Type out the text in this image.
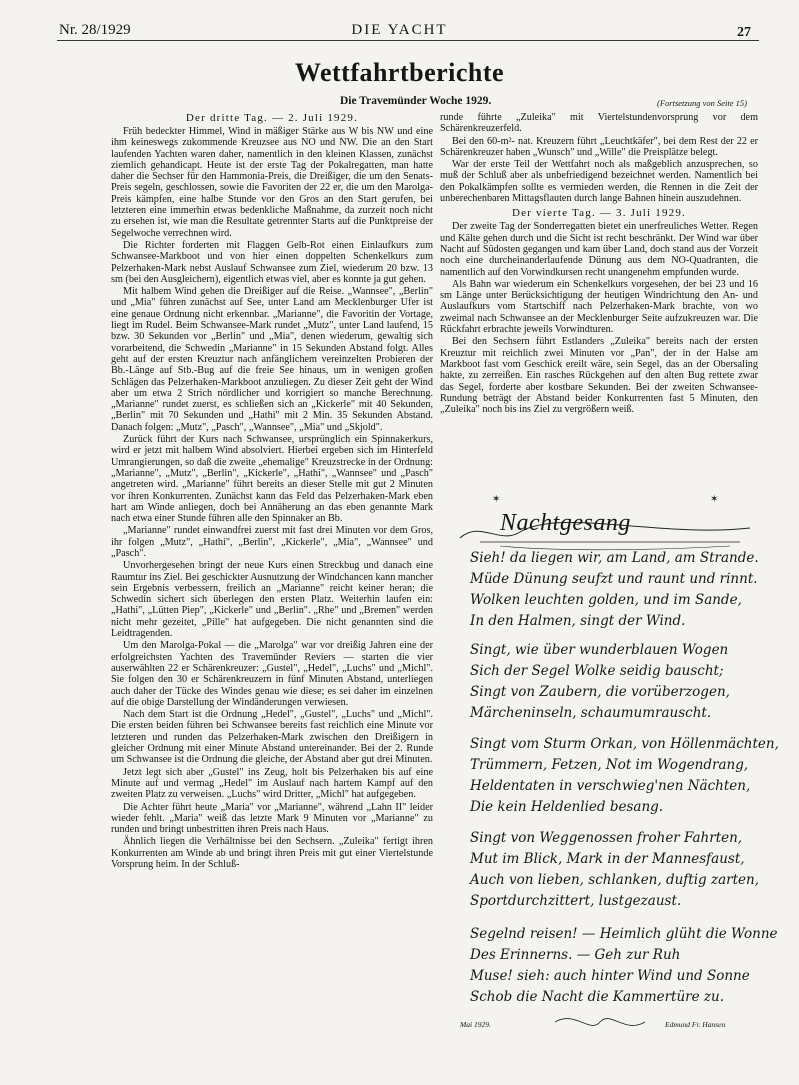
Nr. 28/1929	DIE YACHT	27
Wettfahrtberichte
Die Travemünder Woche 1929.	(Fortsetzung von Seite 15)
Der dritte Tag. — 2. Juli 1929.

Früh bedeckter Himmel, Wind in mäßiger Stärke aus W bis NW und eine ihm keineswegs zukommende Kreuzsee aus NO und NW. Die an den Start laufenden Yachten waren daher, namentlich in den kleinen Klassen, zunächst ziemlich gehandicapt. Heute ist der erste Tag der Pokalregatten, man hatte daher die Sechser für den Hammonia-Preis, die Dreißiger, die um den Senats-Preis segeln, geschlossen, sowie die Favoriten der 22 er, die um den Marolga-Preis kämpfen, eine halbe Stunde vor den Gros an den Start gerufen, bei letzteren eine immerhin etwas bedenkliche Maßnahme, da zurzeit noch nicht zu ersehen ist, wie man die Resultate getrennter Starts auf die Punktpreise der Segelwoche verrechnen wird.

Die Richter forderten mit Flaggen Gelb-Rot einen Einlaufkurs zum Schwansee-Markboot und von hier einen doppelten Schenkelkurs zum Pelzerhaken-Mark nebst Auslauf Schwansee zum Ziel, wiederum 20 bzw. 13 sm (bei den Ausgleichern), eigentlich etwas viel, aber es konnte ja gut gehen.

Mit halbem Wind gehen die Dreißiger auf die Reise. „Wannsee", „Berlin" und „Mia" führen zunächst auf See, unter Land am Mecklenburger Ufer ist eine genaue Ordnung nicht erkennbar. „Marianne", die Favoritin der Vortage, liegt im Rudel. Beim Schwansee-Mark rundet „Mutz", unter Land laufend, 15 bzw. 30 Sekunden vor „Berlin" und „Mia", denen wiederum, gewaltig sich vorarbeitend, die Schwedin „Marianne" in 15 Sekunden Abstand folgt. Alles geht auf der ersten Kreuztur nach anfänglichem vereinzelten Probieren der Bb.-Länge auf Stb.-Bug auf die freie See hinaus, um in wenigen großen Schlägen das Pelzerhaken-Markboot anzuliegen. Zu dieser Zeit geht der Wind aber um etwa 2 Strich nördlicher und korrigiert so manche Berechnung. „Marianne" rundet zuerst, es schließen sich an „Kickerle" mit 40 Sekunden, „Berlin" mit 70 Sekunden und „Hathi" mit 2 Min. 35 Sekunden Abstand. Danach folgen: „Mutz", „Pasch", „Wannsee", „Mia" und „Skjold".

Zurück führt der Kurs nach Schwansee, ursprünglich ein Spinnakerkurs, wird er jetzt mit halbem Wind absolviert. Hierbei ergeben sich im Hinterfeld Umrangierungen, so daß die zweite „ehemalige" Kreuzstrecke in der Ordnung: „Marianne", „Mutz", „Berlin", „Kickerle", „Hathi", „Wannsee" und „Pasch" angetreten wird. „Marianne" führt bereits an dieser Stelle mit gut 2 Minuten vor ihren Konkurrenten. Zunächst kann das Feld das Pelzerhaken-Mark eben hart am Winde anliegen, doch bei Annäherung an das eben genannte Mark nach etwa einer Stunde führen alle den Spinnaker an Bb.

„Marianne" rundet einwandfrei zuerst mit fast drei Minuten vor dem Gros, ihr folgen „Mutz", „Hathi", „Berlin", „Kickerle", „Mia", „Wannsee" und „Pasch".

Unvorhergesehen bringt der neue Kurs einen Streckbug und danach eine Raumtur ins Ziel. Bei geschickter Ausnutzung der Windchancen kann mancher sein Ergebnis verbessern, freilich an „Marianne" reicht keiner heran; die Schwedin sichert sich überlegen den ersten Platz. Weiterhin laufen ein: „Hathi", „Lütten Piep", „Kickerle" und „Berlin". „Rhe" und „Bremen" werden nicht mehr gezeitet, „Pille" hat aufgegeben. Die nicht genannten sind die Leidtragenden.

Um den Marolga-Pokal — die „Marolga" war vor dreißig Jahren eine der erfolgreichsten Yachten des Travemünder Reviers — starten die vier auserwählten 22 er Schärenkreuzer: „Gustel", „Hedel", „Luchs" und „Michl". Sie folgen den 30 er Schärenkreuzern in fünf Minuten Abstand, unterliegen auch daher der Tücke des Windes genau wie diese; es sei daher im einzelnen auf die obige Darstellung der Windänderungen verwiesen.

Nach dem Start ist die Ordnung „Hedel", „Gustel", „Luchs" und „Michl". Die ersten beiden führen bei Schwansee bereits fast reichlich eine Minute vor letzteren und runden das Pelzerhaken-Mark zwischen den Dreißigern in gleicher Ordnung mit einer Minute Abstand untereinander. Bei der 2. Runde um Schwansee ist die Ordnung die gleiche, der Abstand aber gut drei Minuten.

Jetzt legt sich aber „Gustel" ins Zeug, holt bis Pelzerhaken bis auf eine Minute auf und vermag „Hedel" im Auslauf nach hartem Kampf auf den zweiten Platz zu verweisen. „Luchs" wird Dritter, „Michl" hat aufgegeben.

Die Achter führt heute „Maria" vor „Marianne", während „Lahn II" leider wieder fehlt. „Maria" weiß das letzte Mark 9 Minuten vor „Marianne" zu runden und bringt unbestritten ihren Preis nach Haus.

Ähnlich liegen die Verhältnisse bei den Sechsern. „Zuleika" fertigt ihren Konkurrenten am Winde ab und bringt ihren Preis mit gut einer Viertelstunde Vorsprung heim. In der Schluß-

runde führte „Zuleika" mit Viertelstundenvorsprung vor dem Schärenkreuzerfeld.

Bei den 60-m²- nat. Kreuzern führt „Leuchtkäfer", bei dem Rest der 22 er Schärenkreuzer haben „Wunsch" und „Wille" die Preisplätze belegt.

War der erste Teil der Wettfahrt noch als maßgeblich anzusprechen, so muß der Schluß aber als unbefriedigend bezeichnet werden. Namentlich bei den Pokalkämpfen sollte es vermieden werden, die Rennen in die Zeit der unberechenbaren Mittagsflauten durch lange Bahnen hinein auszudehnen.

Der vierte Tag. — 3. Juli 1929.

Der zweite Tag der Sonderregatten bietet ein unerfreuliches Wetter. Regen und Kälte gehen durch und die Sicht ist recht beschränkt. Der Wind war über Nacht auf Südosten gegangen und kam über Land, doch stand aus der Vorzeit noch eine durcheinanderlaufende Dünung aus dem NO-Quadranten, die namentlich auf den Vorwindkursen recht unangenehm empfunden wurde.

Als Bahn war wiederum ein Schenkelkurs vorgesehen, der bei 23 und 16 sm Länge unter Berücksichtigung der heutigen Windrichtung den An- und Auslaufkurs vom Startschiff nach Pelzerhaken-Mark brachte, von wo zweimal nach Schwansee an der Mecklenburger Seite aufzukreuzen war. Die Rückfahrt erbrachte jeweils Vorwindturen.

Bei den Sechsern führt Estlanders „Zuleika" bereits nach der ersten Kreuztur mit reichlich zwei Minuten vor „Pan", der in der Halse am Markboot fast vom Geschick ereilt wäre, sein Segel, das an der Obersaling hakte, zu zerreißen. Ein rasches Rückgehen auf den alten Bug rettete zwar das Segel, forderte aber kostbare Sekunden. Bei der zweiten Schwansee-Rundung beträgt der Abstand beider Konkurrenten fast 5 Minuten, den „Zuleika" noch bis ins Ziel zu vergrößern weiß.

✶	✶
Nachtgesang
Sieh! da liegen wir, am Land, am Strande.
Müde Dünung seufzt und raunt und rinnt.
Wolken leuchten golden, und im Sande,
In den Halmen, singt der Wind.
Singt, wie über wunderblauen Wogen
Sich der Segel Wolke seidig bauscht;
Singt von Zaubern, die vorüberzogen,
Märcheninseln, schaumumrauscht.
Singt vom Sturm Orkan, von Höllenmächten,
Trümmern, Fetzen, Not im Wogendrang,
Heldentaten in verschwieg'nen Nächten,
Die kein Heldenlied besang.
Singt von Weggenossen froher Fahrten,
Mut im Blick, Mark in der Mannesfaust,
Auch von lieben, schlanken, duftig zarten,
Sportdurchzittert, lustgezaust.
Segelnd reisen! — Heimlich glüht die Wonne
Des Erinnerns. — Geh zur Ruh
Muse! sieh: auch hinter Wind und Sonne
Schob die Nacht die Kammertüre zu.
Mai 1929.	Edmund Fr. Hansen
